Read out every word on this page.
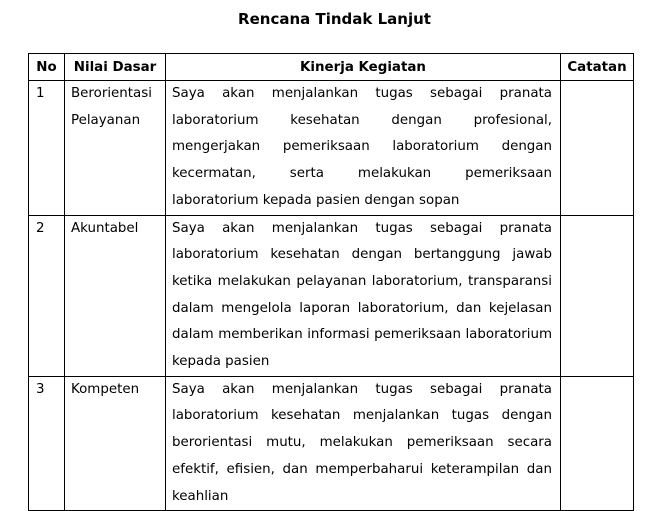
Rencana Tindak Lanjut
No	Nilai Dasar	Kinerja Kegiatan	Catatan
1	Berorientasi Pelayanan	Saya akan menjalankan tugas sebagai pranata laboratorium kesehatan dengan profesional, mengerjakan pemeriksaan laboratorium dengan kecermatan, serta melakukan pemeriksaan laboratorium kepada pasien dengan sopan	
2	Akuntabel	Saya akan menjalankan tugas sebagai pranata laboratorium kesehatan dengan bertanggung jawab ketika melakukan pelayanan laboratorium, transparansi dalam mengelola laporan laboratorium, dan kejelasan dalam memberikan informasi pemeriksaan laboratorium kepada pasien	
3	Kompeten	Saya akan menjalankan tugas sebagai pranata laboratorium kesehatan menjalankan tugas dengan berorientasi mutu, melakukan pemeriksaan secara efektif, efisien, dan memperbaharui keterampilan dan keahlian	
